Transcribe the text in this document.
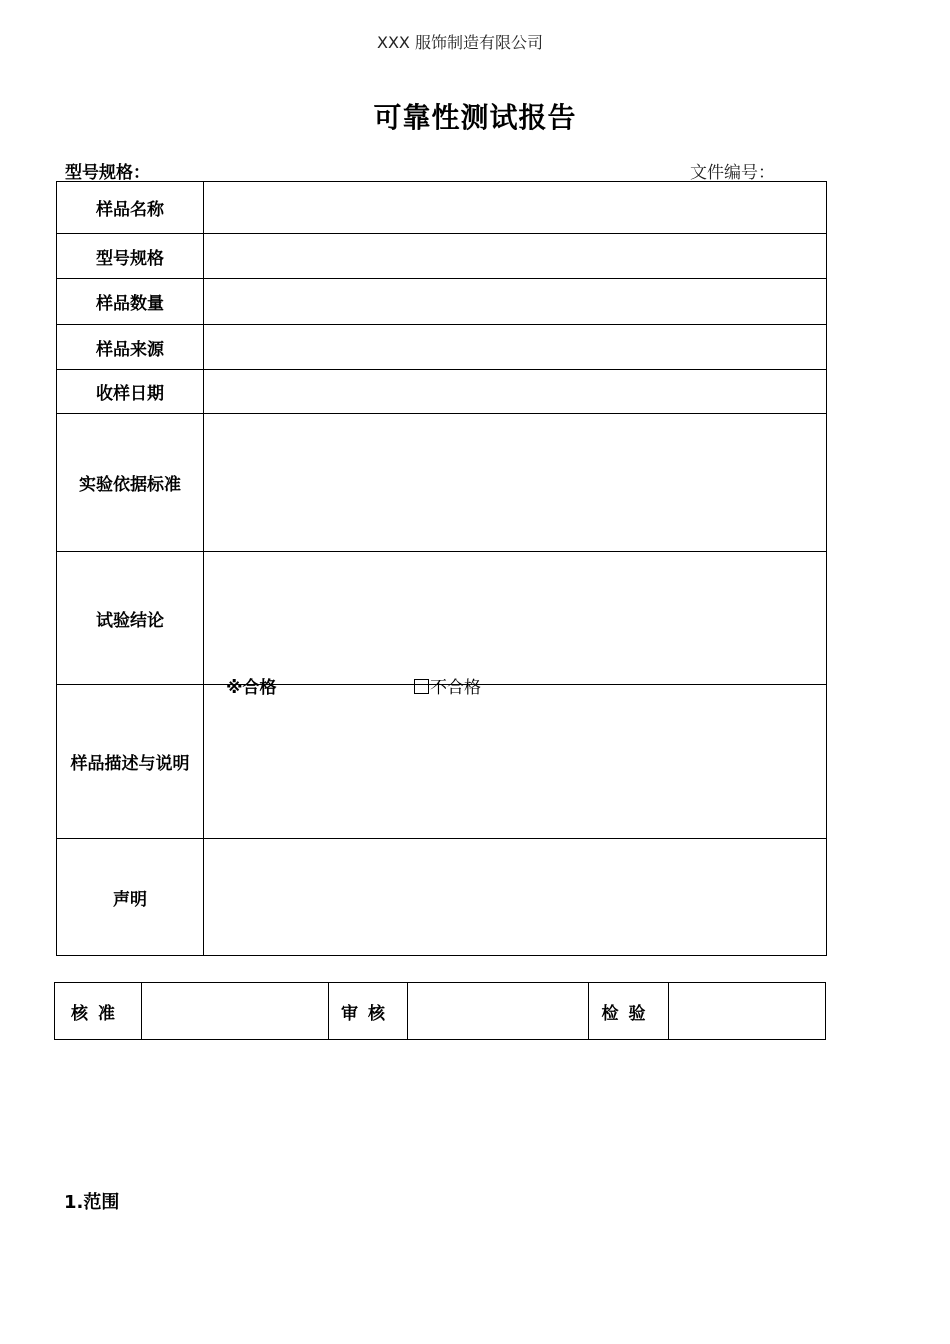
XXX 服饰制造有限公司
可靠性测试报告
型号规格：	文件编号：
样品名称	
型号规格	
样品数量	
样品来源	
收样日期	
实验依据标准	
试验结论	※合格 不合格

样品描述与说明	
声明	
核准		审核		检验	
1.范围
